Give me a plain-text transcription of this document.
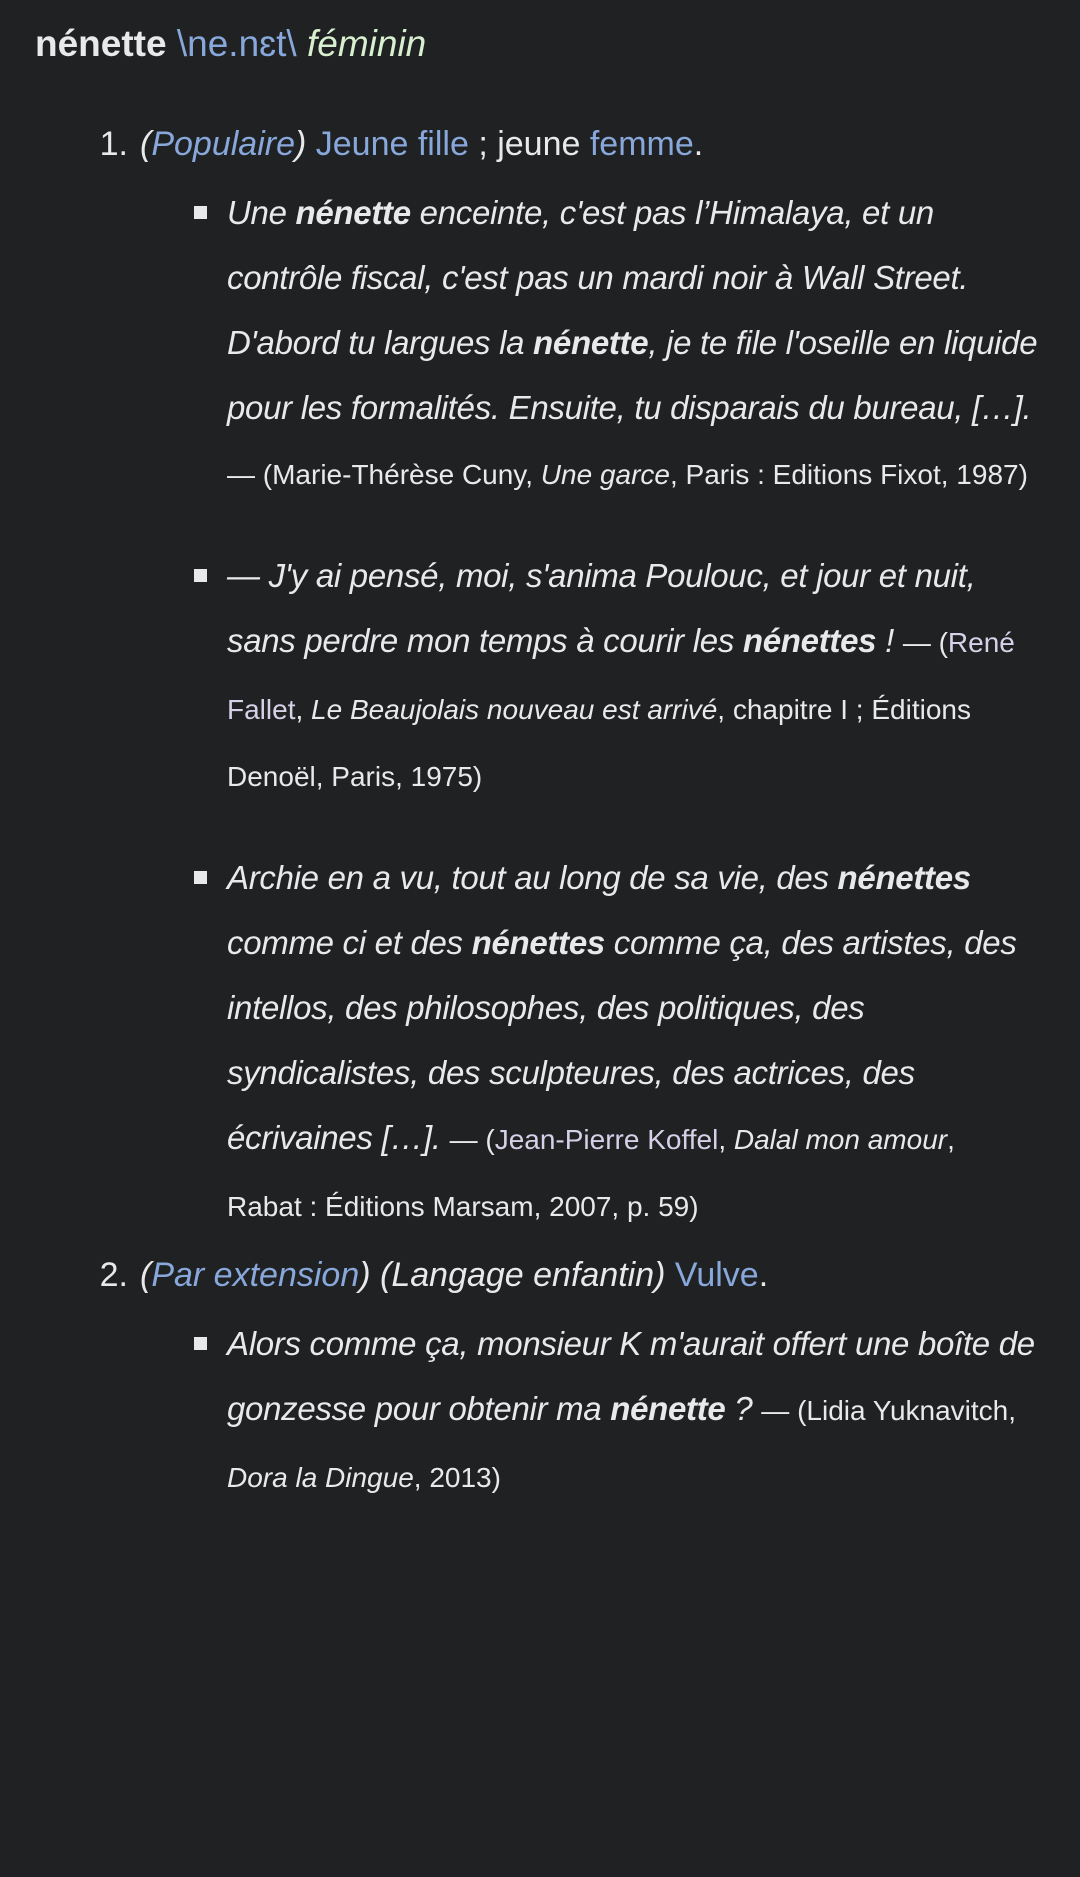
nénette \ne.nɛt\ féminin

1. (Populaire) Jeune fille ; jeune femme.
Une nénette enceinte, c'est pas l’Himalaya, et un contrôle fiscal, c'est pas un mardi noir à Wall Street. D'abord tu largues la nénette, je te file l'oseille en liquide pour les formalités. Ensuite, tu disparais du bureau, […]. — (Marie-Thérèse Cuny, Une garce, Paris : Editions Fixot, 1987)
— J'y ai pensé, moi, s'anima Poulouc, et jour et nuit, sans perdre mon temps à courir les nénettes ! — (René Fallet, Le Beaujolais nouveau est arrivé, chapitre I ; Éditions Denoël, Paris, 1975)
Archie en a vu, tout au long de sa vie, des nénettes comme ci et des nénettes comme ça, des artistes, des intellos, des philosophes, des politiques, des syndicalistes, des sculpteures, des actrices, des écrivaines […]. — (Jean-Pierre Koffel, Dalal mon amour, Rabat : Éditions Marsam, 2007, p. 59)
2. (Par extension) (Langage enfantin) Vulve.
Alors comme ça, monsieur K m'aurait offert une boîte de gonzesse pour obtenir ma nénette ? — (Lidia Yuknavitch, Dora la Dingue, 2013)
